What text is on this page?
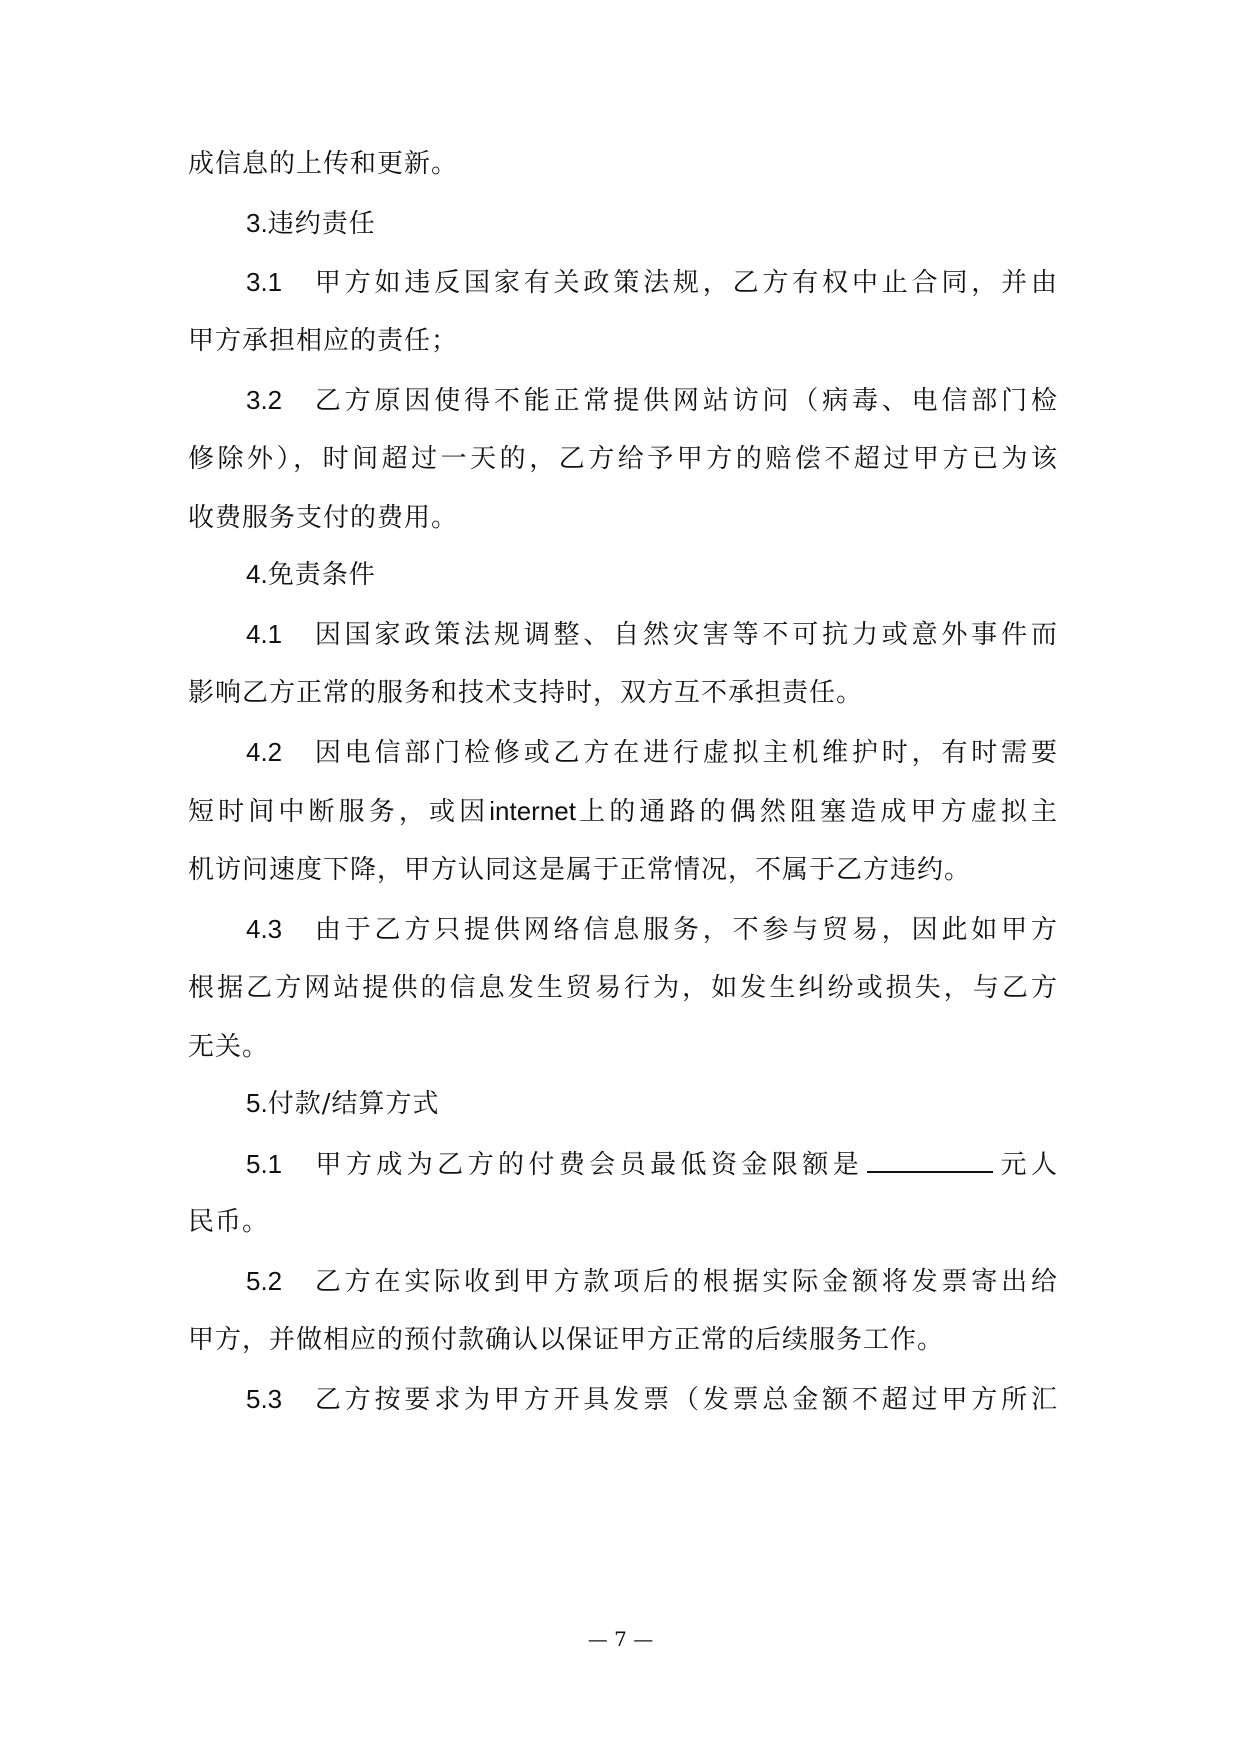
成信息的上传和更新。
3.违约责任
3.1 甲方如违反国家有关政策法规，乙方有权中止合同，并由
甲方承担相应的责任；
3.2 乙方原因使得不能正常提供网站访问（病毒、电信部门检
修除外），时间超过一天的，乙方给予甲方的赔偿不超过甲方已为该
收费服务支付的费用。
4.免责条件
4.1 因国家政策法规调整、自然灾害等不可抗力或意外事件而
影响乙方正常的服务和技术支持时，双方互不承担责任。
4.2 因电信部门检修或乙方在进行虚拟主机维护时，有时需要
短时间中断服务，或因internet上的通路的偶然阻塞造成甲方虚拟主
机访问速度下降，甲方认同这是属于正常情况，不属于乙方违约。
4.3 由于乙方只提供网络信息服务，不参与贸易，因此如甲方
根据乙方网站提供的信息发生贸易行为，如发生纠纷或损失，与乙方
无关。
5.付款/结算方式
5.1 甲方成为乙方的付费会员最低资金限额是	元人
民币。
5.2 乙方在实际收到甲方款项后的根据实际金额将发票寄出给
甲方，并做相应的预付款确认以保证甲方正常的后续服务工作。
5.3 乙方按要求为甲方开具发票（发票总金额不超过甲方所汇
— 7 —
